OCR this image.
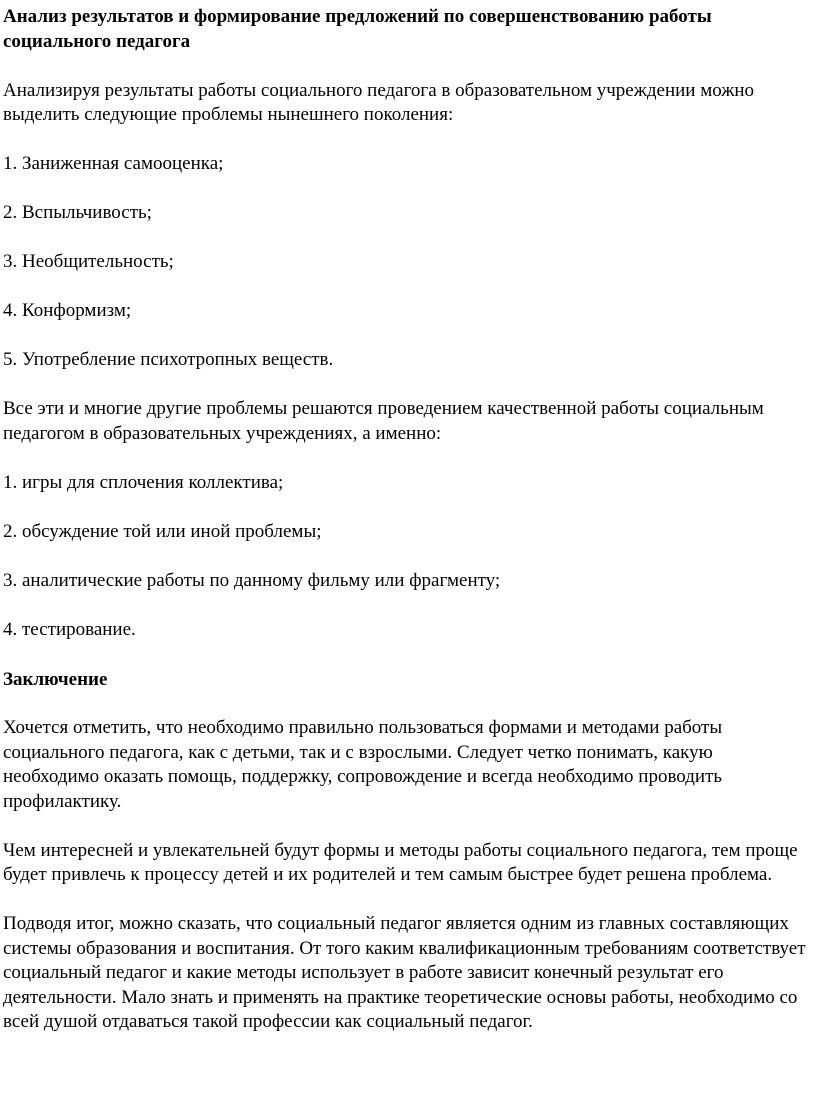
Анализ результатов и формирование предложений по совершенствованию работы социального педагога

Анализируя результаты работы социального педагога в образовательном учреждении можно выделить следующие проблемы нынешнего поколения:

1. Заниженная самооценка;

2. Вспыльчивость;

3. Необщительность;

4. Конформизм;

5. Употребление психотропных веществ.

Все эти и многие другие проблемы решаются проведением качественной работы социальным педагогом в образовательных учреждениях, а именно:

1. игры для сплочения коллектива;

2. обсуждение той или иной проблемы;

3. аналитические работы по данному фильму или фрагменту;

4. тестирование.

Заключение

Хочется отметить, что необходимо правильно пользоваться формами и методами работы социального педагога, как с детьми, так и с взрослыми. Следует четко понимать, какую необходимо оказать помощь, поддержку, сопровождение и всегда необходимо проводить профилактику.

Чем интересней и увлекательней будут формы и методы работы социального педагога, тем проще будет привлечь к процессу детей и их родителей и тем самым быстрее будет решена проблема.

Подводя итог, можно сказать, что социальный педагог является одним из главных составляющих системы образования и воспитания. От того каким квалификационным требованиям соответствует социальный педагог и какие методы использует в работе зависит конечный результат его деятельности. Мало знать и применять на практике теоретические основы работы, необходимо со всей душой отдаваться такой профессии как социальный педагог.
